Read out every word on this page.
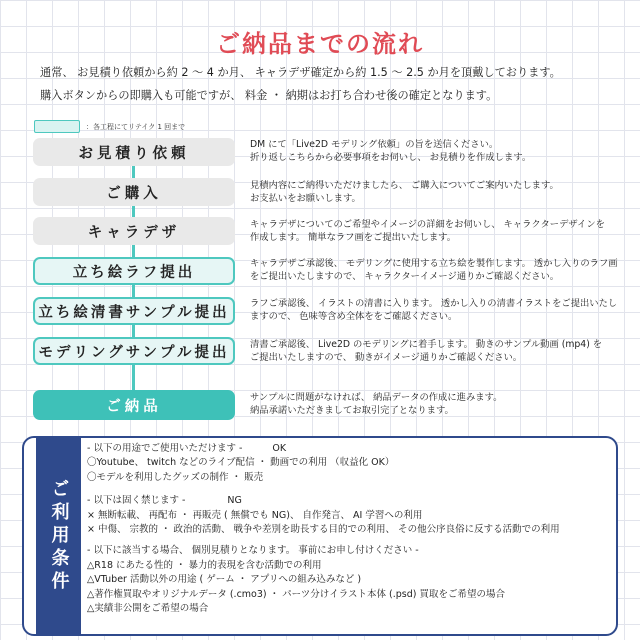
ご納品までの流れ
通常、 お見積り依頼から約 2 ～ 4 か月、 キャラデザ確定から約 1.5 ～ 2.5 か月を頂戴しております。
購入ボタンからの即購入も可能ですが、 料金 ・ 納期はお打ち合わせ後の確定となります。
：各工程にてリテイク 1 回まで
お見積り依頼
DM にて「Live2D モデリング依頼」の旨を送信ください。
折り返しこちらから必要事項をお伺いし、 お見積りを作成します。
ご購入	見積内容にご納得いただけましたら、 ご購入についてご案内いたします。
お支払いをお願いします。
キャラデザ	キャラデザについてのご希望やイメージの詳細をお伺いし、 キャラクターデザインを
作成します。 簡単なラフ画をご提出いたします。
立ち絵ラフ提出
キャラデザご承認後、 モデリングに使用する立ち絵を製作します。 透かし入りのラフ画
をご提出いたしますので、 キャラクターイメージ通りかご確認ください。
立ち絵清書サンプル提出
ラフご承認後、 イラストの清書に入ります。 透かし入りの清書イラストをご提出いたし
ますので、 色味等含め全体ををご確認ください。
モデリングサンプル提出	清書ご承認後、 Live2D のモデリングに着手します。 動きのサンプル動画 (mp4) を
ご提出いたしますので、 動きがイメージ通りかご確認ください。
ご納品
サンプルに問題がなければ、 納品データの作成に進みます。
納品承諾いただきましてお取引完了となります。
ご利用条件
- 以下の用途でご使用いただけます -	OK
〇Youtube、 twitch などのライブ配信 ・ 動画での利用 （収益化 OK）
〇モデルを利用したグッズの制作 ・ 販売
- 以下は固く禁じます -	NG
× 無断転載、 再配布 ・ 再販売 ( 無償でも NG)、 自作発言、 AI 学習への利用
× 中傷、 宗教的 ・ 政治的活動、 戦争や差別を助長する目的での利用、 その他公序良俗に反する活動での利用
- 以下に該当する場合、 個別見積りとなります。 事前にお申し付けください -
△R18 にあたる性的 ・ 暴力的表現を含む活動での利用
△VTuber 活動以外の用途 ( ゲーム ・ アプリへの組み込みなど )
△著作権買取やオリジナルデータ (.cmo3) ・ パーツ分けイラスト本体 (.psd) 買取をご希望の場合
△実績非公開をご希望の場合
